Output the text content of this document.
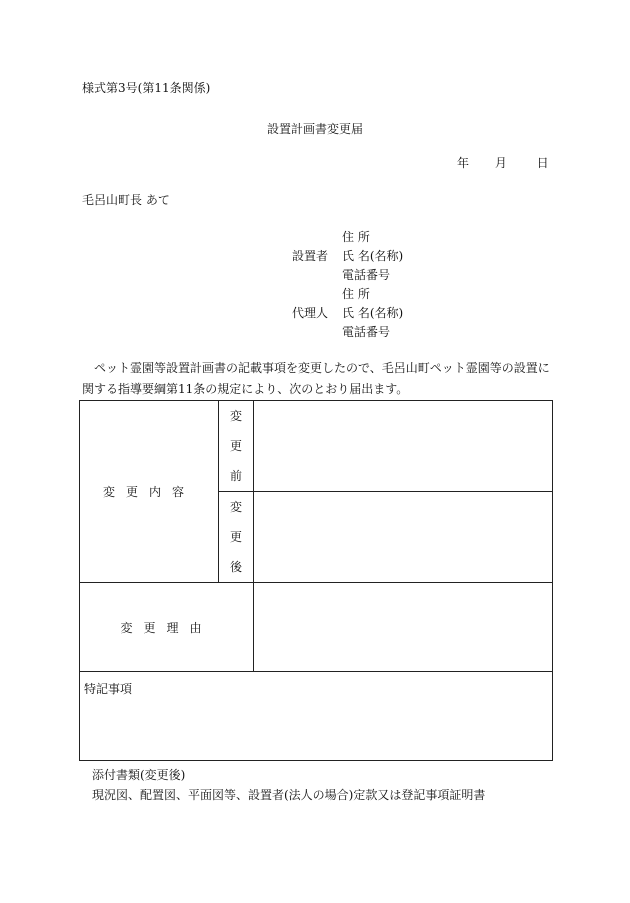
様式第3号(第11条関係)
設置計画書変更届
年 月 日
毛呂山町長 あて
住 所
設置者 氏 名(名称)
電話番号
住 所
代理人 氏 名(名称)
電話番号
ペット霊園等設置計画書の記載事項を変更したので、毛呂山町ペット霊園等の設置に関する指導要綱第11条の規定により、次のとおり届出ます。
変更内容	変
更
前	

	変
更
後	

変更理由		
特記事項		
添付書類(変更後)
現況図、配置図、平面図等、設置者(法人の場合)定款又は登記事項証明書
